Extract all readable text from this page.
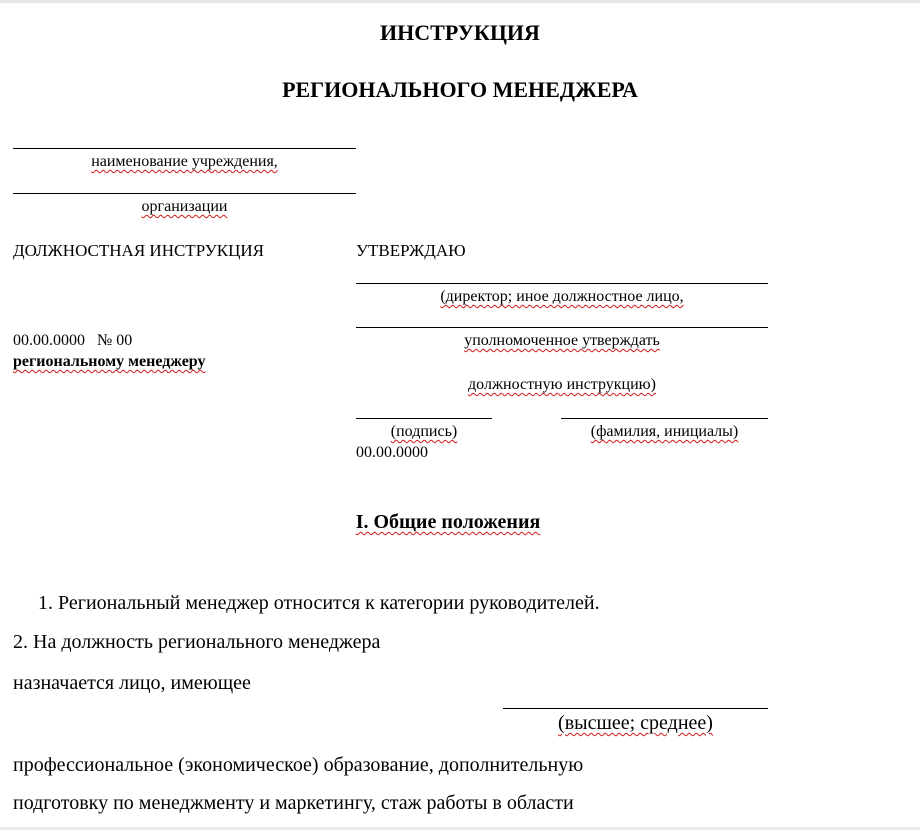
ИНСТРУКЦИЯ
РЕГИОНАЛЬНОГО МЕНЕДЖЕРА
наименование учреждения,
организации
ДОЛЖНОСТНАЯ ИНСТРУКЦИЯ	УТВЕРЖДАЮ
(директор; иное должностное лицо,
уполномоченное утверждать
должностную инструкцию)
(подпись)	(фамилия, инициалы)
00.00.0000
00.00.0000   № 00
региональному менеджеру
I. Общие положения
1. Региональный менеджер относится к категории руководителей.
2. На должность регионального менеджера
назначается лицо, имеющее
(высшее; среднее)
профессиональное (экономическое) образование, дополнительную
подготовку по менеджменту и маркетингу, стаж работы в области
